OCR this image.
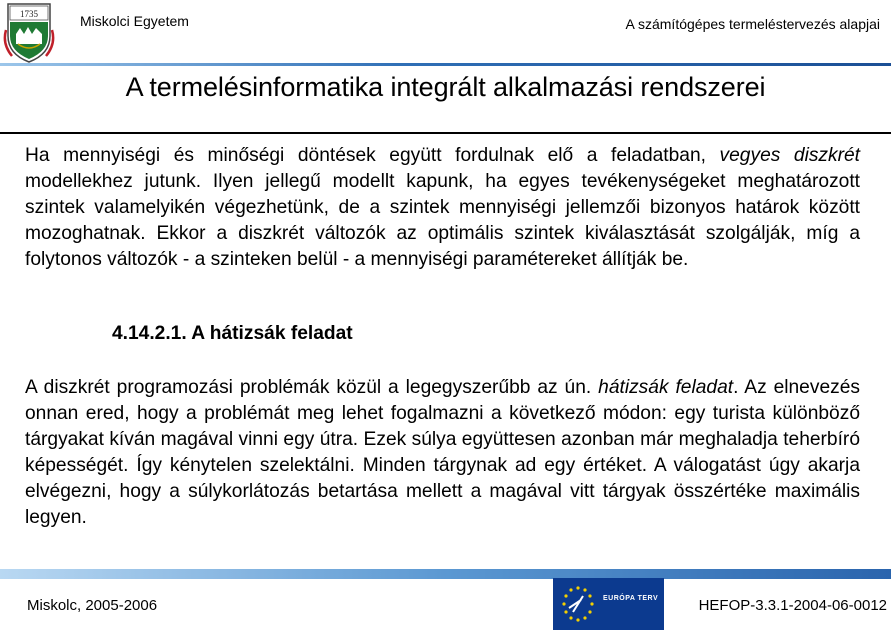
1735	Miskolci Egyetem	A számítógépes termeléstervezés alapjai
A termelésinformatika integrált alkalmazási rendszerei

Ha mennyiségi és minőségi döntések együtt fordulnak elő a feladatban, vegyes diszkrét modellekhez jutunk. Ilyen jellegű modellt kapunk, ha egyes tevékenységeket meghatározott szintek valamelyikén végezhetünk, de a szintek mennyiségi jellemzői bizonyos határok között mozoghatnak. Ekkor a diszkrét változók az optimális szintek kiválasztását szolgálják, míg a folytonos változók - a szinteken belül - a mennyiségi paramétereket állítják be.

4.14.2.1. A hátizsák feladat

A diszkrét programozási problémák közül a legegyszerűbb az ún. hátizsák feladat. Az elnevezés onnan ered, hogy a problémát meg lehet fogalmazni a következő módon: egy turista különböző tárgyakat kíván magával vinni egy útra. Ezek súlya együttesen azonban már meghaladja teherbíró képességét. Így kénytelen szelektálni. Minden tárgynak ad egy értéket. A válogatást úgy akarja elvégezni, hogy a súlykorlátozás betartása mellett a magával vitt tárgyak összértéke maximális legyen.

Miskolc, 2005-2006	EURÓPA TERV	HEFOP-3.3.1-2004-06-0012
